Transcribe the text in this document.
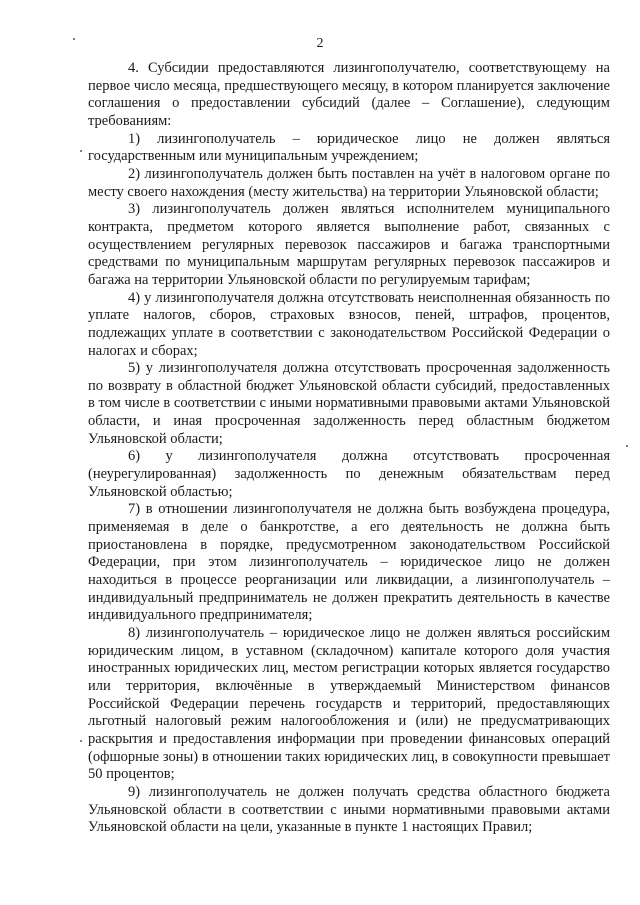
2

4. Субсидии предоставляются лизингополучателю, соответствующему на первое число месяца, предшествующего месяцу, в котором планируется заключение соглашения о предоставлении субсидий (далее – Соглашение), следующим требованиям:

1) лизингополучатель – юридическое лицо не должен являться государственным или муниципальным учреждением;

2) лизингополучатель должен быть поставлен на учёт в налоговом органе по месту своего нахождения (месту жительства) на территории Ульяновской области;

3) лизингополучатель должен являться исполнителем муниципального контракта, предметом которого является выполнение работ, связанных с осуществлением регулярных перевозок пассажиров и багажа транспортными средствами по муниципальным маршрутам регулярных перевозок пассажиров и багажа на территории Ульяновской области по регулируемым тарифам;

4) у лизингополучателя должна отсутствовать неисполненная обязанность по уплате налогов, сборов, страховых взносов, пеней, штрафов, процентов, подлежащих уплате в соответствии с законодательством Российской Федерации о налогах и сборах;

5) у лизингополучателя должна отсутствовать просроченная задолженность по возврату в областной бюджет Ульяновской области субсидий, предоставленных в том числе в соответствии с иными нормативными правовыми актами Ульяновской области, и иная просроченная задолженность перед областным бюджетом Ульяновской области;

6) у лизингополучателя должна отсутствовать просроченная (неурегулированная) задолженность по денежным обязательствам перед Ульяновской областью;

7) в отношении лизингополучателя не должна быть возбуждена процедура, применяемая в деле о банкротстве, а его деятельность не должна быть приостановлена в порядке, предусмотренном законодательством Российской Федерации, при этом лизингополучатель – юридическое лицо не должен находиться в процессе реорганизации или ликвидации, а лизингополучатель – индивидуальный предприниматель не должен прекратить деятельность в качестве индивидуального предпринимателя;

8) лизингополучатель – юридическое лицо не должен являться российским юридическим лицом, в уставном (складочном) капитале которого доля участия иностранных юридических лиц, местом регистрации которых является государство или территория, включённые в утверждаемый Министерством финансов Российской Федерации перечень государств и территорий, предоставляющих льготный налоговый режим налогообложения и (или) не предусматривающих раскрытия и предоставления информации при проведении финансовых операций (офшорные зоны) в отношении таких юридических лиц, в совокупности превышает 50 процентов;

9) лизингополучатель не должен получать средства областного бюджета Ульяновской области в соответствии с иными нормативными правовыми актами Ульяновской области на цели, указанные в пункте 1 настоящих Правил;
